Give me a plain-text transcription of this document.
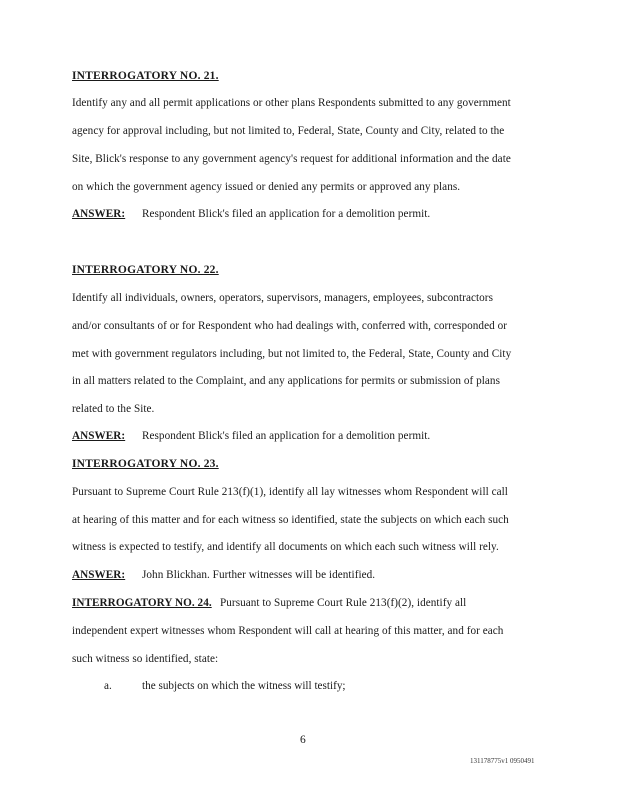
INTERROGATORY NO. 21.
Identify any and all permit applications or other plans Respondents submitted to any government
agency for approval including, but not limited to, Federal, State, County and City, related to the
Site, Blick's response to any government agency's request for additional information and the date
on which the government agency issued or denied any permits or approved any plans.
ANSWER: Respondent Blick's filed an application for a demolition permit.
INTERROGATORY NO. 22.
Identify all individuals, owners, operators, supervisors, managers, employees, subcontractors
and/or consultants of or for Respondent who had dealings with, conferred with, corresponded or
met with government regulators including, but not limited to, the Federal, State, County and City
in all matters related to the Complaint, and any applications for permits or submission of plans
related to the Site.
ANSWER: Respondent Blick's filed an application for a demolition permit.
INTERROGATORY NO. 23.
Pursuant to Supreme Court Rule 213(f)(1), identify all lay witnesses whom Respondent will call
at hearing of this matter and for each witness so identified, state the subjects on which each such
witness is expected to testify, and identify all documents on which each such witness will rely.
ANSWER: John Blickhan. Further witnesses will be identified.
INTERROGATORY NO. 24. Pursuant to Supreme Court Rule 213(f)(2), identify all
independent expert witnesses whom Respondent will call at hearing of this matter, and for each
such witness so identified, state:
a.	the subjects on which the witness will testify;
6
131178775v1 0950491
